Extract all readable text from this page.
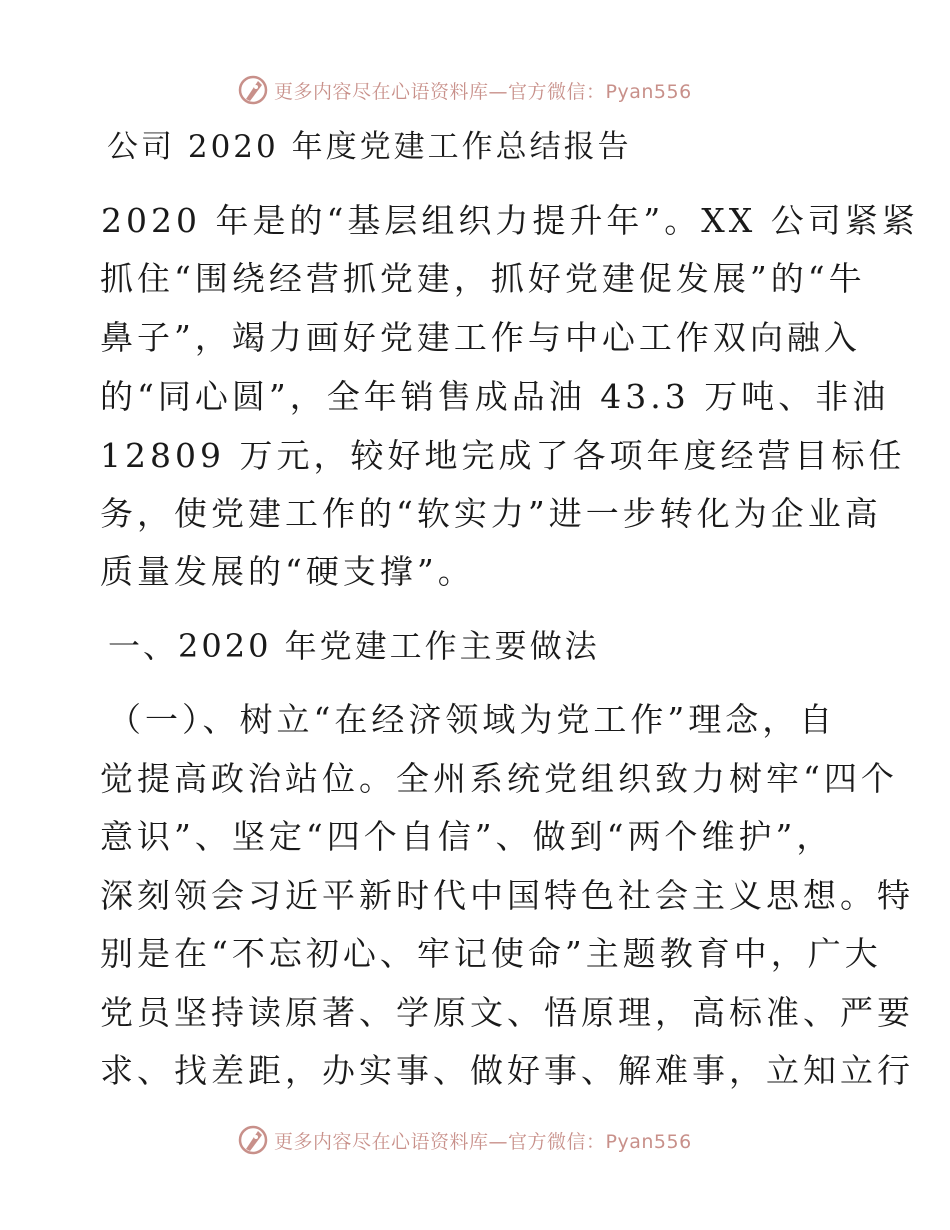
更多内容尽在心语资料库—官方微信：Pyan556
公司 2020 年度党建工作总结报告
2020 年是的“基层组织力提升年”。XX 公司紧紧
抓住“围绕经营抓党建，抓好党建促发展”的“牛
鼻子”，竭力画好党建工作与中心工作双向融入
的“同心圆”，全年销售成品油 43.3 万吨、非油
12809 万元，较好地完成了各项年度经营目标任
务，使党建工作的“软实力”进一步转化为企业高
质量发展的“硬支撑”。
一、2020 年党建工作主要做法
（一）、树立“在经济领域为党工作”理念，自
觉提高政治站位。全州系统党组织致力树牢“四个
意识”、坚定“四个自信”、做到“两个维护”，
深刻领会习近平新时代中国特色社会主义思想。特
别是在“不忘初心、牢记使命”主题教育中，广大
党员坚持读原著、学原文、悟原理，高标准、严要
求、找差距，办实事、做好事、解难事，立知立行
更多内容尽在心语资料库—官方微信：Pyan556
